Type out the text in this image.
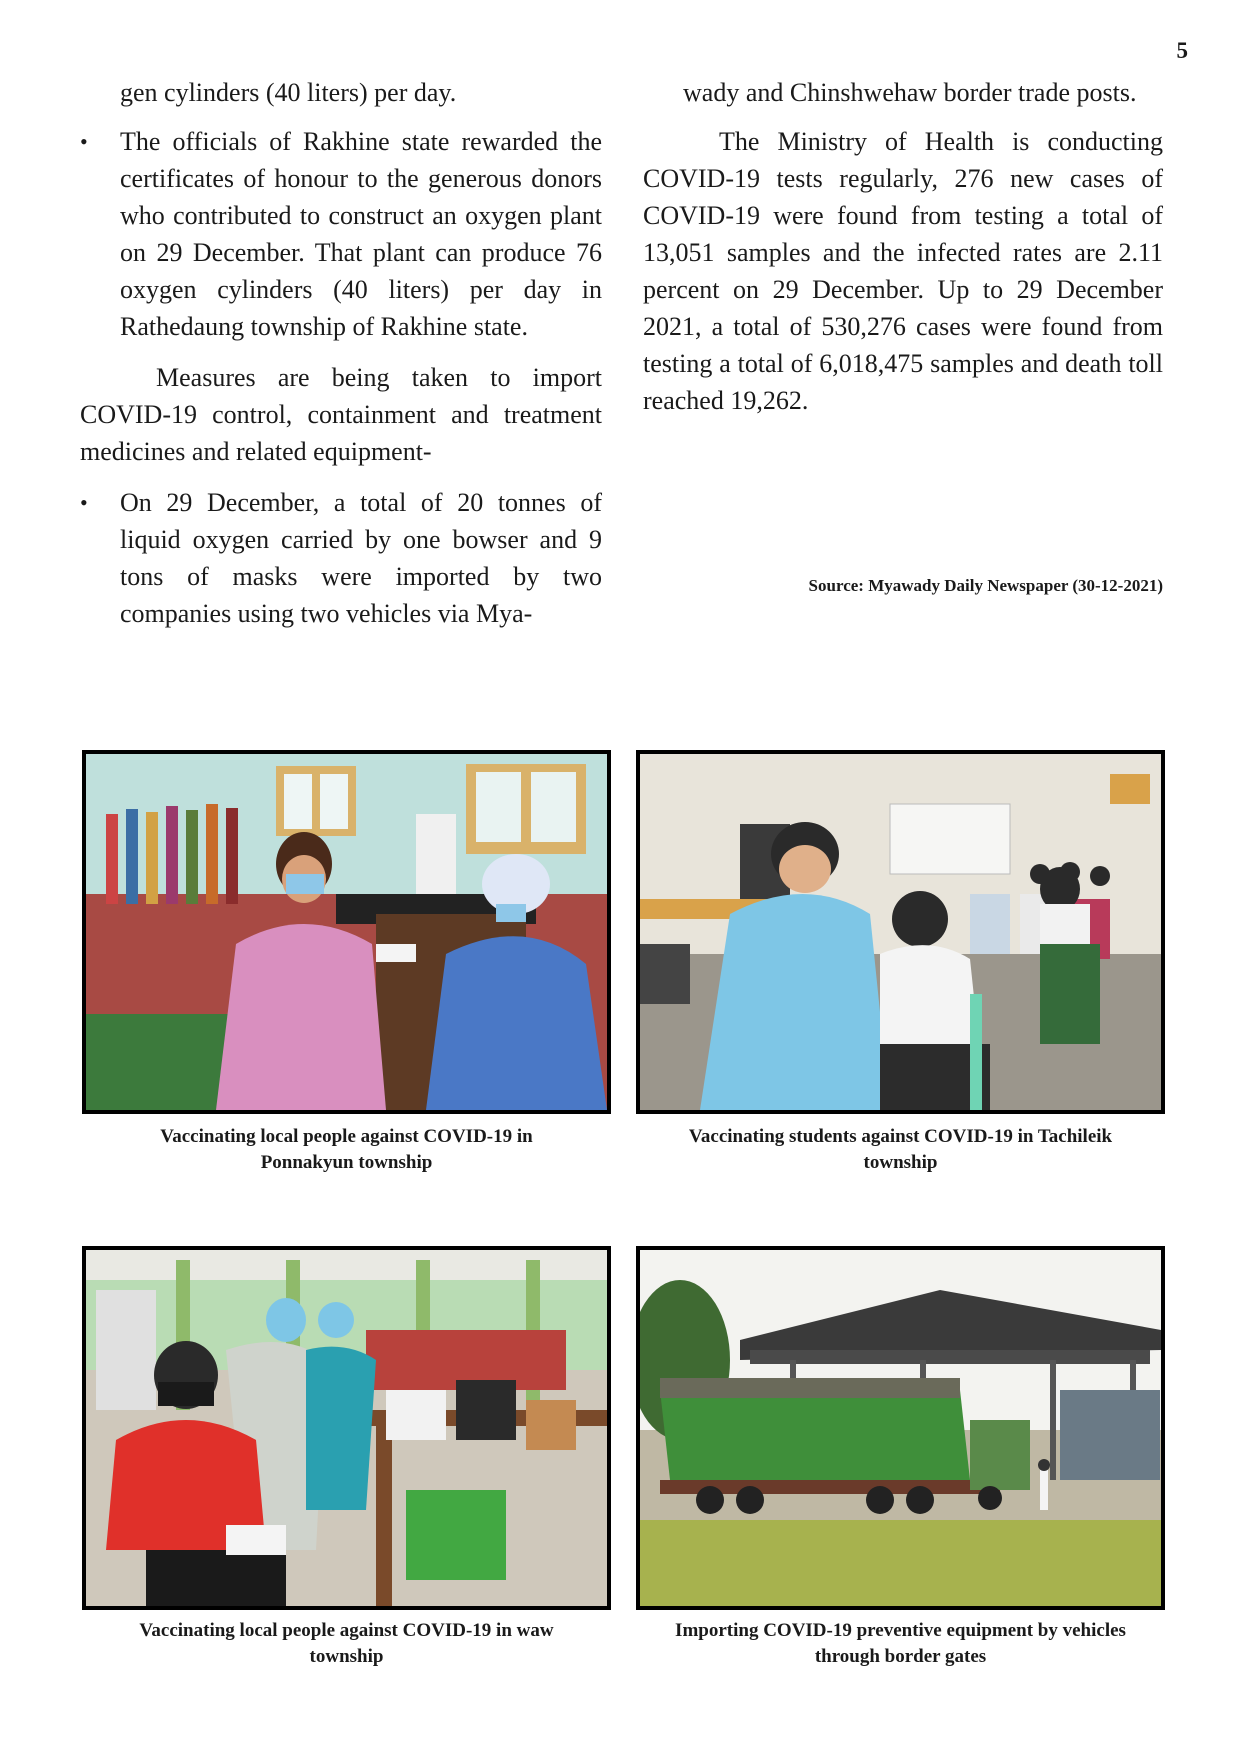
5

gen cylinders (40 liters) per day.

•	The officials of Rakhine state rewarded the certificates of honour to the generous donors who contributed to construct an oxygen plant on 29 December. That plant can produce 76 oxygen cylinders (40 liters) per day in Rathedaung township of Rakhine state.

Measures are being taken to import COVID-19 control, containment and treatment medicines and related equipment-

•	On 29 December, a total of 20 tonnes of liquid oxygen carried by one bowser and 9 tons of masks were imported by two companies using two vehicles via Mya-

wady and Chinshwehaw border trade posts.

The Ministry of Health is conducting COVID-19 tests regularly, 276 new cases of COVID-19 were found from testing a total of 13,051 samples and the infected rates are 2.11 percent on 29 December. Up to 29 December 2021, a total of 530,276 cases were found from testing a total of 6,018,475 samples and death toll reached 19,262.

Source: Myawady Daily Newspaper (30-12-2021)
Vaccinating local people against COVID-19 in
Ponnakyun township
Vaccinating students against COVID-19 in Tachileik
township
Vaccinating local people against COVID-19 in waw
township
Importing COVID-19 preventive equipment by vehicles
through border gates
